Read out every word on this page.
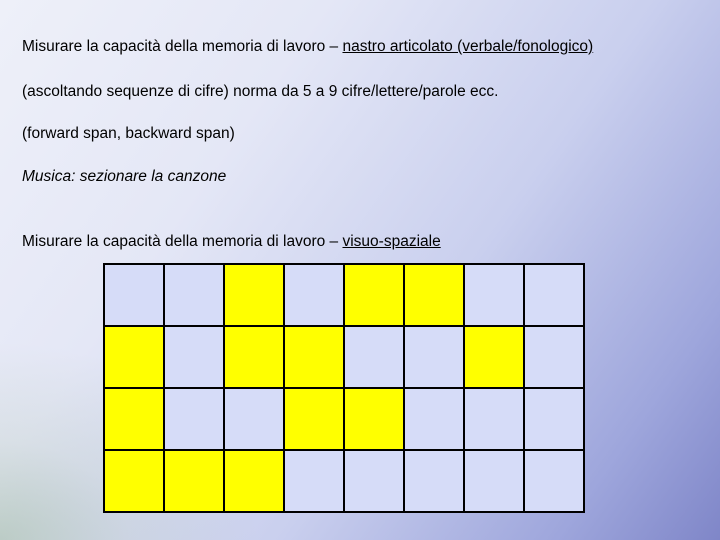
Misurare la capacità della memoria di lavoro – nastro articolato (verbale/fonologico)

(ascoltando sequenze di cifre) norma da 5 a 9 cifre/lettere/parole ecc.

(forward span, backward span)

Musica: sezionare la canzone

Misurare la capacità della memoria di lavoro – visuo-spaziale
